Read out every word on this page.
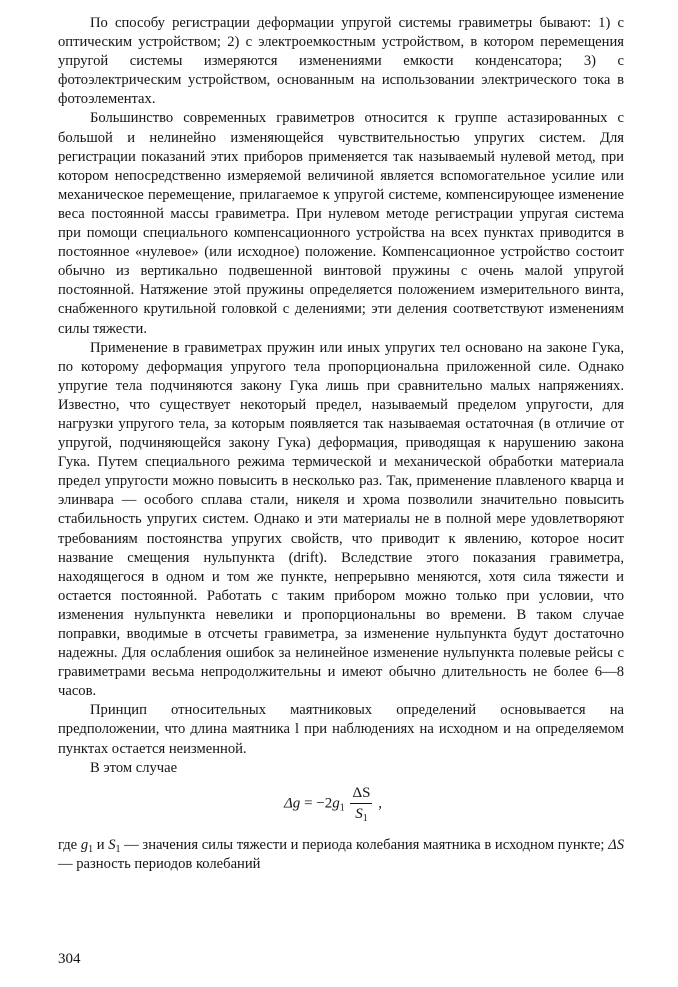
По способу регистрации деформации упругой системы гравиметры бывают: 1) с оптическим устройством; 2) с электроемкостным устройством, в котором перемещения упругой системы измеряются изменениями емкости конденсатора; 3) с фотоэлектрическим устройством, основанным на использовании электрического тока в фотоэлементах.

Большинство современных гравиметров относится к группе астазированных с большой и нелинейно изменяющейся чувствительностью упругих систем. Для регистрации показаний этих приборов применяется так называемый нулевой метод, при котором непосредственно измеряемой величиной является вспомогательное усилие или механическое перемещение, прилагаемое к упругой системе, компенсирующее изменение веса постоянной массы гравиметра. При нулевом методе регистрации упругая система при помощи специального компенсационного устройства на всех пунктах приводится в постоянное «нулевое» (или исходное) положение. Компенсационное устройство состоит обычно из вертикально подвешенной винтовой пружины с очень малой упругой постоянной. Натяжение этой пружины определяется положением измерительного винта, снабженного крутильной головкой с делениями; эти деления соответствуют изменениям силы тяжести.

Применение в гравиметрах пружин или иных упругих тел основано на законе Гука, по которому деформация упругого тела пропорциональна приложенной силе. Однако упругие тела подчиняются закону Гука лишь при сравнительно малых напряжениях. Известно, что существует некоторый предел, называемый пределом упругости, для нагрузки упругого тела, за которым появляется так называемая остаточная (в отличие от упругой, подчиняющейся закону Гука) деформация, приводящая к нарушению закона Гука. Путем специального режима термической и механической обработки материала предел упругости можно повысить в несколько раз. Так, применение плавленого кварца и элинвара — особого сплава стали, никеля и хрома позволили значительно повысить стабильность упругих систем. Однако и эти материалы не в полной мере удовлетворяют требованиям постоянства упругих свойств, что приводит к явлению, которое носит название смещения нульпункта (drift). Вследствие этого показания гравиметра, находящегося в одном и том же пункте, непрерывно меняются, хотя сила тяжести и остается постоянной. Работать с таким прибором можно только при условии, что изменения нульпункта невелики и пропорциональны во времени. В таком случае поправки, вводимые в отсчеты гравиметра, за изменение нульпункта будут достаточно надежны. Для ослабления ошибок за нелинейное изменение нульпункта полевые рейсы с гравиметрами весьма непродолжительны и имеют обычно длительность не более 6—8 часов.

Принцип относительных маятниковых определений основывается на предположении, что длина маятника l при наблюдениях на исходном и на определяемом пунктах остается неизменной.

В этом случае

$\Delta g = -2g_1 \frac{\Delta S}{S_1}$ ,

где $g_1$ и $S_1$ — значения силы тяжести и периода колебания маятника в исходном пункте; ΔS — разность периодов колебаний

304
